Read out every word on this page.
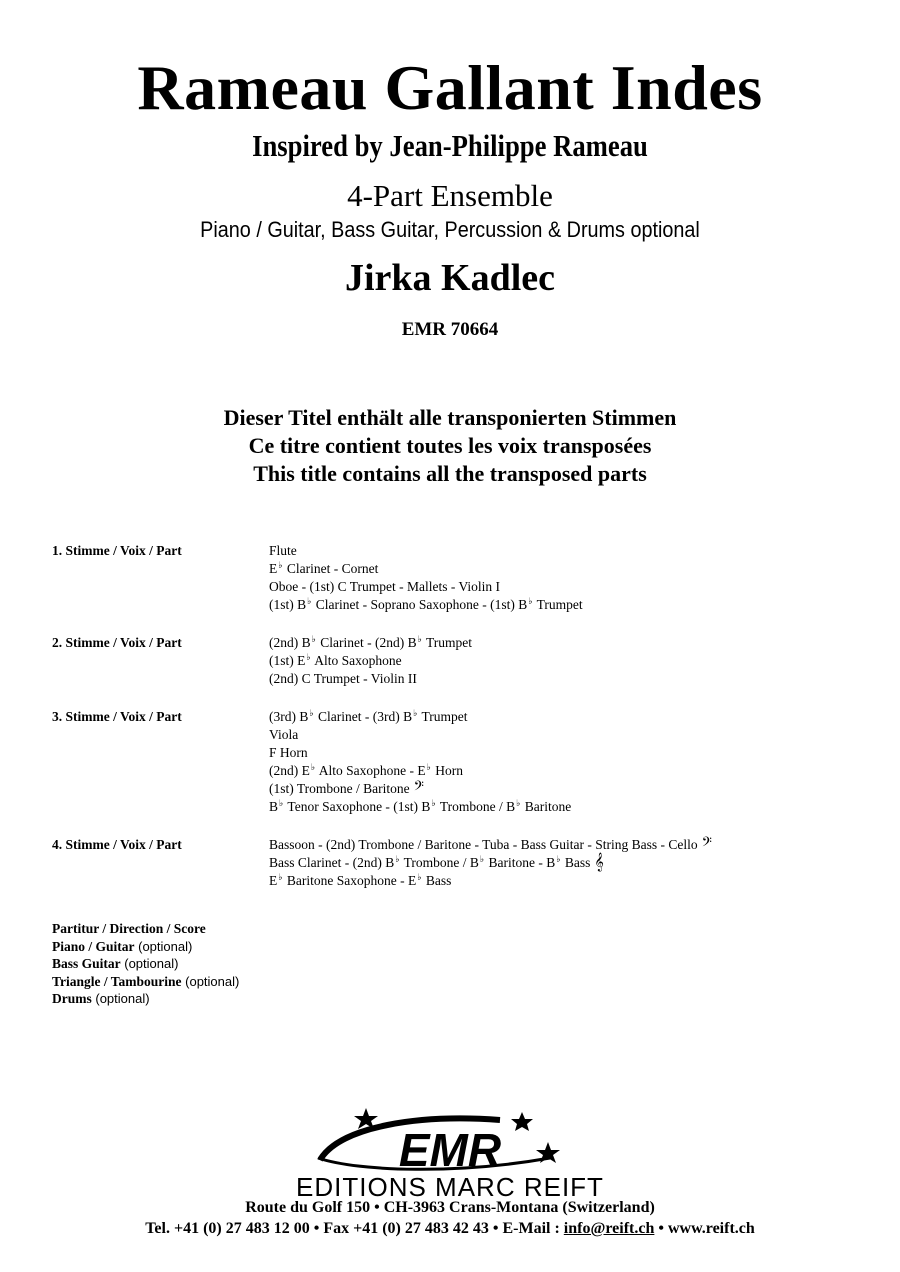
Rameau Gallant Indes
Inspired by Jean-Philippe Rameau
4-Part Ensemble
Piano / Guitar, Bass Guitar, Percussion & Drums optional
Jirka Kadlec
EMR 70664
Dieser Titel enthält alle transponierten Stimmen
Ce titre contient toutes les voix transposées
This title contains all the transposed parts
1. Stimme / Voix / Part	Flute
E♭ Clarinet - Cornet
Oboe - (1st) C Trumpet - Mallets - Violin I
(1st) B♭ Clarinet - Soprano Saxophone - (1st) B♭ Trumpet
2. Stimme / Voix / Part	(2nd) B♭ Clarinet - (2nd) B♭ Trumpet
(1st) E♭ Alto Saxophone
(2nd) C Trumpet - Violin II
3. Stimme / Voix / Part	(3rd) B♭ Clarinet - (3rd) B♭ Trumpet
Viola
F Horn
(2nd) E♭ Alto Saxophone - E♭ Horn
(1st) Trombone / Baritone 𝄢
B♭ Tenor Saxophone - (1st) B♭ Trombone / B♭ Baritone
4. Stimme / Voix / Part	Bassoon - (2nd) Trombone / Baritone - Tuba - Bass Guitar - String Bass - Cello 𝄢
Bass Clarinet - (2nd) B♭ Trombone / B♭ Baritone - B♭ Bass 𝄞
E♭ Baritone Saxophone - E♭ Bass
Partitur / Direction / Score
Piano / Guitar (optional)
Bass Guitar (optional)
Triangle / Tambourine (optional)
Drums (optional)
EMR
EDITIONS MARC REIFT
Route du Golf 150 • CH-3963 Crans-Montana (Switzerland)
Tel. +41 (0) 27 483 12 00 • Fax +41 (0) 27 483 42 43 • E-Mail : info@reift.ch • www.reift.ch
